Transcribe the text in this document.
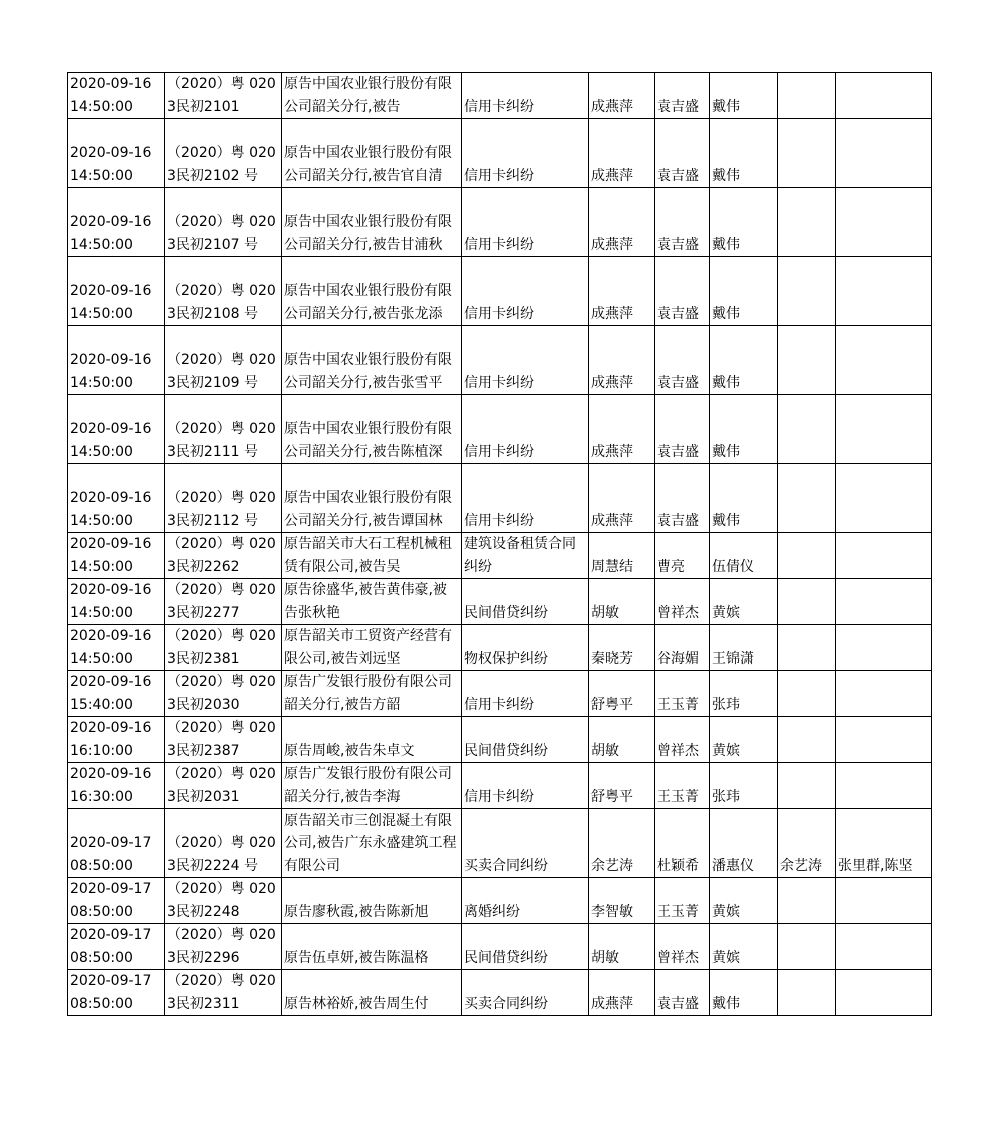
2020-09-16 14:50:00	（2020）粤 0203民初2101	原告中国农业银行股份有限公司韶关分行,被告	信用卡纠纷	成燕萍	袁吉盛	戴伟		
2020-09-16 14:50:00	（2020）粤 0203民初2102 号	原告中国农业银行股份有限公司韶关分行,被告官自清	信用卡纠纷	成燕萍	袁吉盛	戴伟		
2020-09-16 14:50:00	（2020）粤 0203民初2107 号	原告中国农业银行股份有限公司韶关分行,被告甘浦秋	信用卡纠纷	成燕萍	袁吉盛	戴伟		
2020-09-16 14:50:00	（2020）粤 0203民初2108 号	原告中国农业银行股份有限公司韶关分行,被告张龙添	信用卡纠纷	成燕萍	袁吉盛	戴伟		
2020-09-16 14:50:00	（2020）粤 0203民初2109 号	原告中国农业银行股份有限公司韶关分行,被告张雪平	信用卡纠纷	成燕萍	袁吉盛	戴伟		
2020-09-16 14:50:00	（2020）粤 0203民初2111 号	原告中国农业银行股份有限公司韶关分行,被告陈植深	信用卡纠纷	成燕萍	袁吉盛	戴伟		
2020-09-16 14:50:00	（2020）粤 0203民初2112 号	原告中国农业银行股份有限公司韶关分行,被告谭国林	信用卡纠纷	成燕萍	袁吉盛	戴伟		
2020-09-16 14:50:00	（2020）粤 0203民初2262	原告韶关市大石工程机械租赁有限公司,被告吴	建筑设备租赁合同纠纷	周慧结	曹亮	伍倩仪		
2020-09-16 14:50:00	（2020）粤 0203民初2277	原告徐盛华,被告黄伟豪,被告张秋艳	民间借贷纠纷	胡敏	曾祥杰	黄嫔		
2020-09-16 14:50:00	（2020）粤 0203民初2381	原告韶关市工贸资产经营有限公司,被告刘远坚	物权保护纠纷	秦晓芳	谷海媚	王锦潇		
2020-09-16 15:40:00	（2020）粤 0203民初2030	原告广发银行股份有限公司韶关分行,被告方韶	信用卡纠纷	舒粤平	王玉菁	张玮		
2020-09-16 16:10:00	（2020）粤 0203民初2387	原告周峻,被告朱卓文	民间借贷纠纷	胡敏	曾祥杰	黄嫔		
2020-09-16 16:30:00	（2020）粤 0203民初2031	原告广发银行股份有限公司韶关分行,被告李海	信用卡纠纷	舒粤平	王玉菁	张玮		
2020-09-17 08:50:00	（2020）粤 0203民初2224 号	原告韶关市三创混凝土有限公司,被告广东永盛建筑工程有限公司	买卖合同纠纷	余艺涛	杜颖希	潘惠仪	余艺涛	张里群,陈坚
2020-09-17 08:50:00	（2020）粤 0203民初2248	原告廖秋霞,被告陈新旭	离婚纠纷	李智敏	王玉菁	黄嫔		
2020-09-17 08:50:00	（2020）粤 0203民初2296	原告伍卓妍,被告陈温格	民间借贷纠纷	胡敏	曾祥杰	黄嫔		
2020-09-17 08:50:00	（2020）粤 0203民初2311	原告林裕娇,被告周生付	买卖合同纠纷	成燕萍	袁吉盛	戴伟		
